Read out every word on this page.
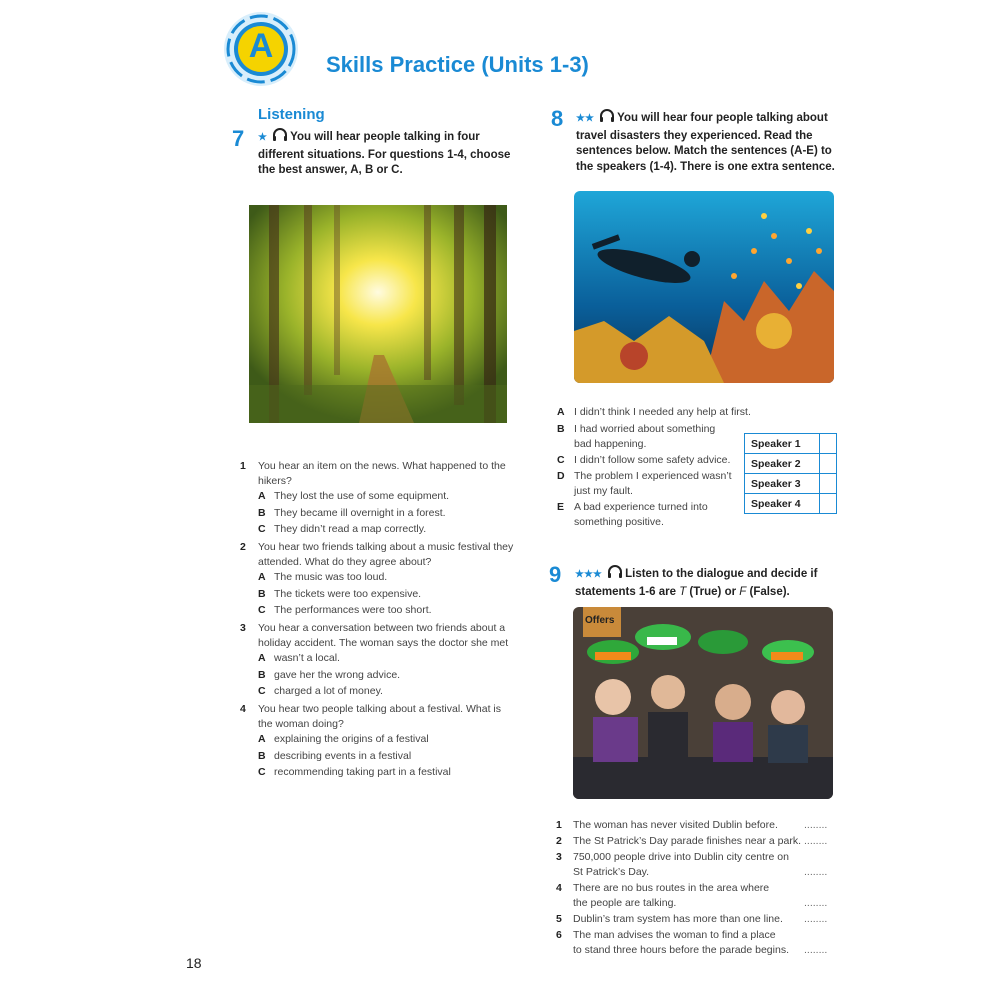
A	Skills Practice (Units 1-3)
Listening
7 ★ You will hear people talking in four
different situations. For questions 1-4, choose
the best answer, A, B or C.
1 You hear an item on the news. What happened to the
hikers?
A They lost the use of some equipment.
B They became ill overnight in a forest.
C They didn’t read a map correctly.
2 You hear two friends talking about a music festival they
attended. What do they agree about?
A The music was too loud.
B The tickets were too expensive.
C The performances were too short.
3 You hear a conversation between two friends about a
holiday accident. The woman says the doctor she met
A wasn’t a local.
B gave her the wrong advice.
C charged a lot of money.
4 You hear two people talking about a festival. What is
the woman doing?
A explaining the origins of a festival
B describing events in a festival
C recommending taking part in a festival
8 ★★ You will hear four people talking about
travel disasters they experienced. Read the
sentences below. Match the sentences (A-E) to
the speakers (1-4). There is one extra sentence.
A I didn’t think I needed any help at first.
B I had worried about something
bad happening.
C I didn’t follow some safety advice.
D The problem I experienced wasn’t
just my fault.
E A bad experience turned into
something positive.
Speaker 1	
Speaker 2	
Speaker 3	
Speaker 4	
9 ★★★ Listen to the dialogue and decide if
statements 1-6 are T (True) or F (False).
Offers
1 The woman has never visited Dublin before. ........
2 The St Patrick’s Day parade finishes near a park. ........
3 750,000 people drive into Dublin city centre on
St Patrick’s Day.	........
4 There are no bus routes in the area where
the people are talking.	........
5 Dublin’s tram system has more than one line. ........
6 The man advises the woman to find a place
to stand three hours before the parade begins. ........
18
